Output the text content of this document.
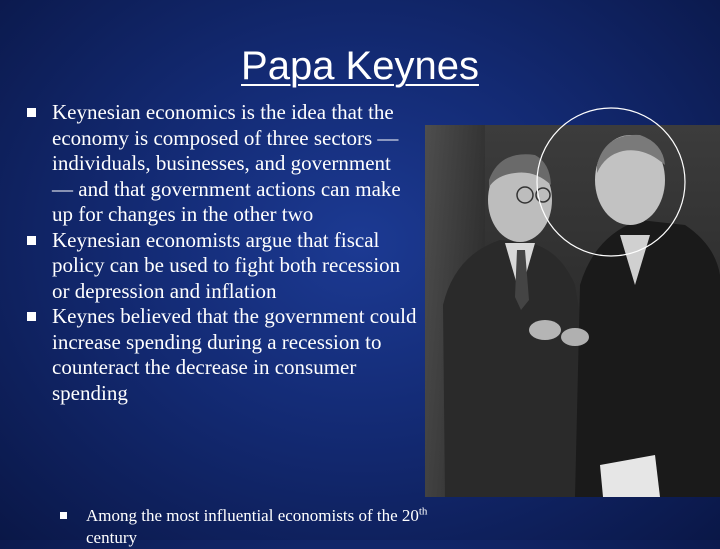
Papa Keynes

Keynesian economics is the idea that the economy is composed of three sectors — individuals, businesses, and government — and that government actions can make up for changes in the other two

Keynesian economists argue that fiscal policy can be used to fight both recession or depression and inflation

Keynes believed that the government could increase spending during a recession to counteract the decrease in consumer spending

Among the most influential economists of the 20th century
